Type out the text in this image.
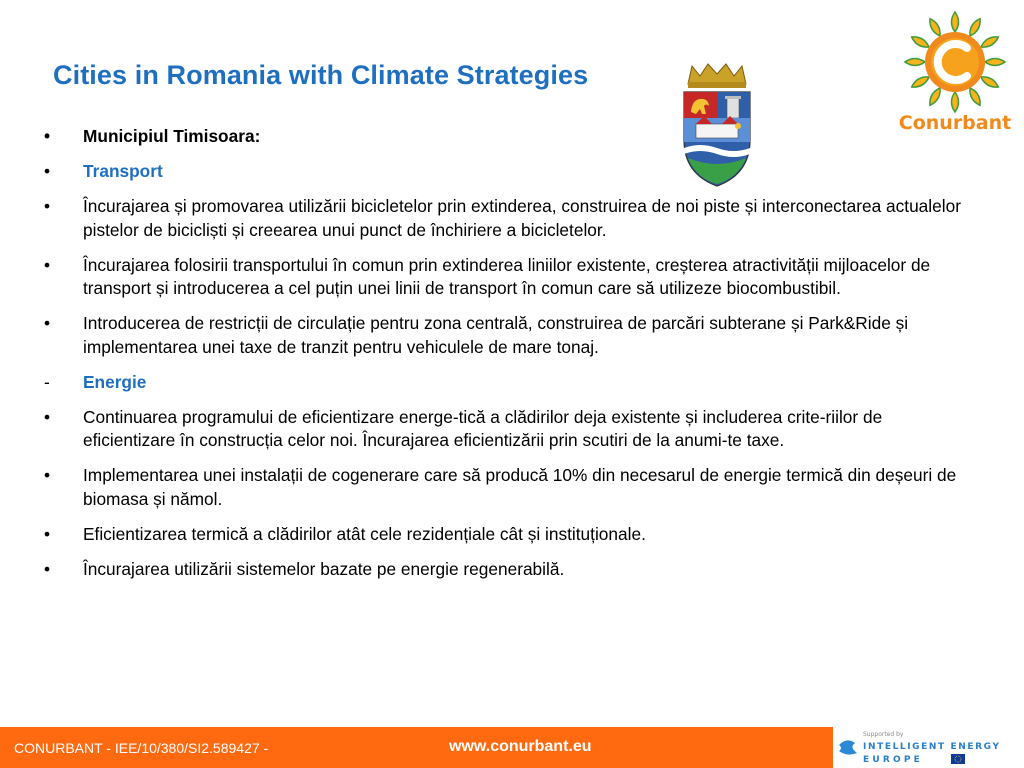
Cities in Romania with Climate Strategies
Conurbant
•	Municipiul Timisoara:
•	Transport
•	Încurajarea și promovarea utilizării bicicletelor prin extinderea, construirea de noi piste și interconectarea actualelor pistelor de bicicliști și creearea unui punct de închiriere a bicicletelor.
•	Încurajarea folosirii transportului în comun prin extinderea liniilor existente, creșterea atractivității mijloacelor de transport și introducerea a cel puțin unei linii de transport în comun care să utilizeze biocombustibil.
•	Introducerea de restricții de circulație pentru zona centrală, construirea de parcări subterane și Park&Ride și implementarea unei taxe de tranzit pentru vehiculele de mare tonaj.
-	Energie
•	Continuarea programului de eficientizare energe-tică a clădirilor deja existente și includerea crite-riilor de eficientizare în construcția celor noi. Încurajarea eficientizării prin scutiri de la anumi-te taxe.
•	Implementarea unei instalații de cogenerare care să producă 10% din necesarul de energie termică din deșeuri de biomasa și nămol.
•	Eficientizarea termică a clădirilor atât cele rezidențiale cât și instituționale.
•	Încurajarea utilizării sistemelor bazate pe energie regenerabilă.
CONURBANT - IEE/10/380/SI2.589427 -	www.conurbant.eu
Supported by
INTELLIGENT ENERGY
EUROPE
